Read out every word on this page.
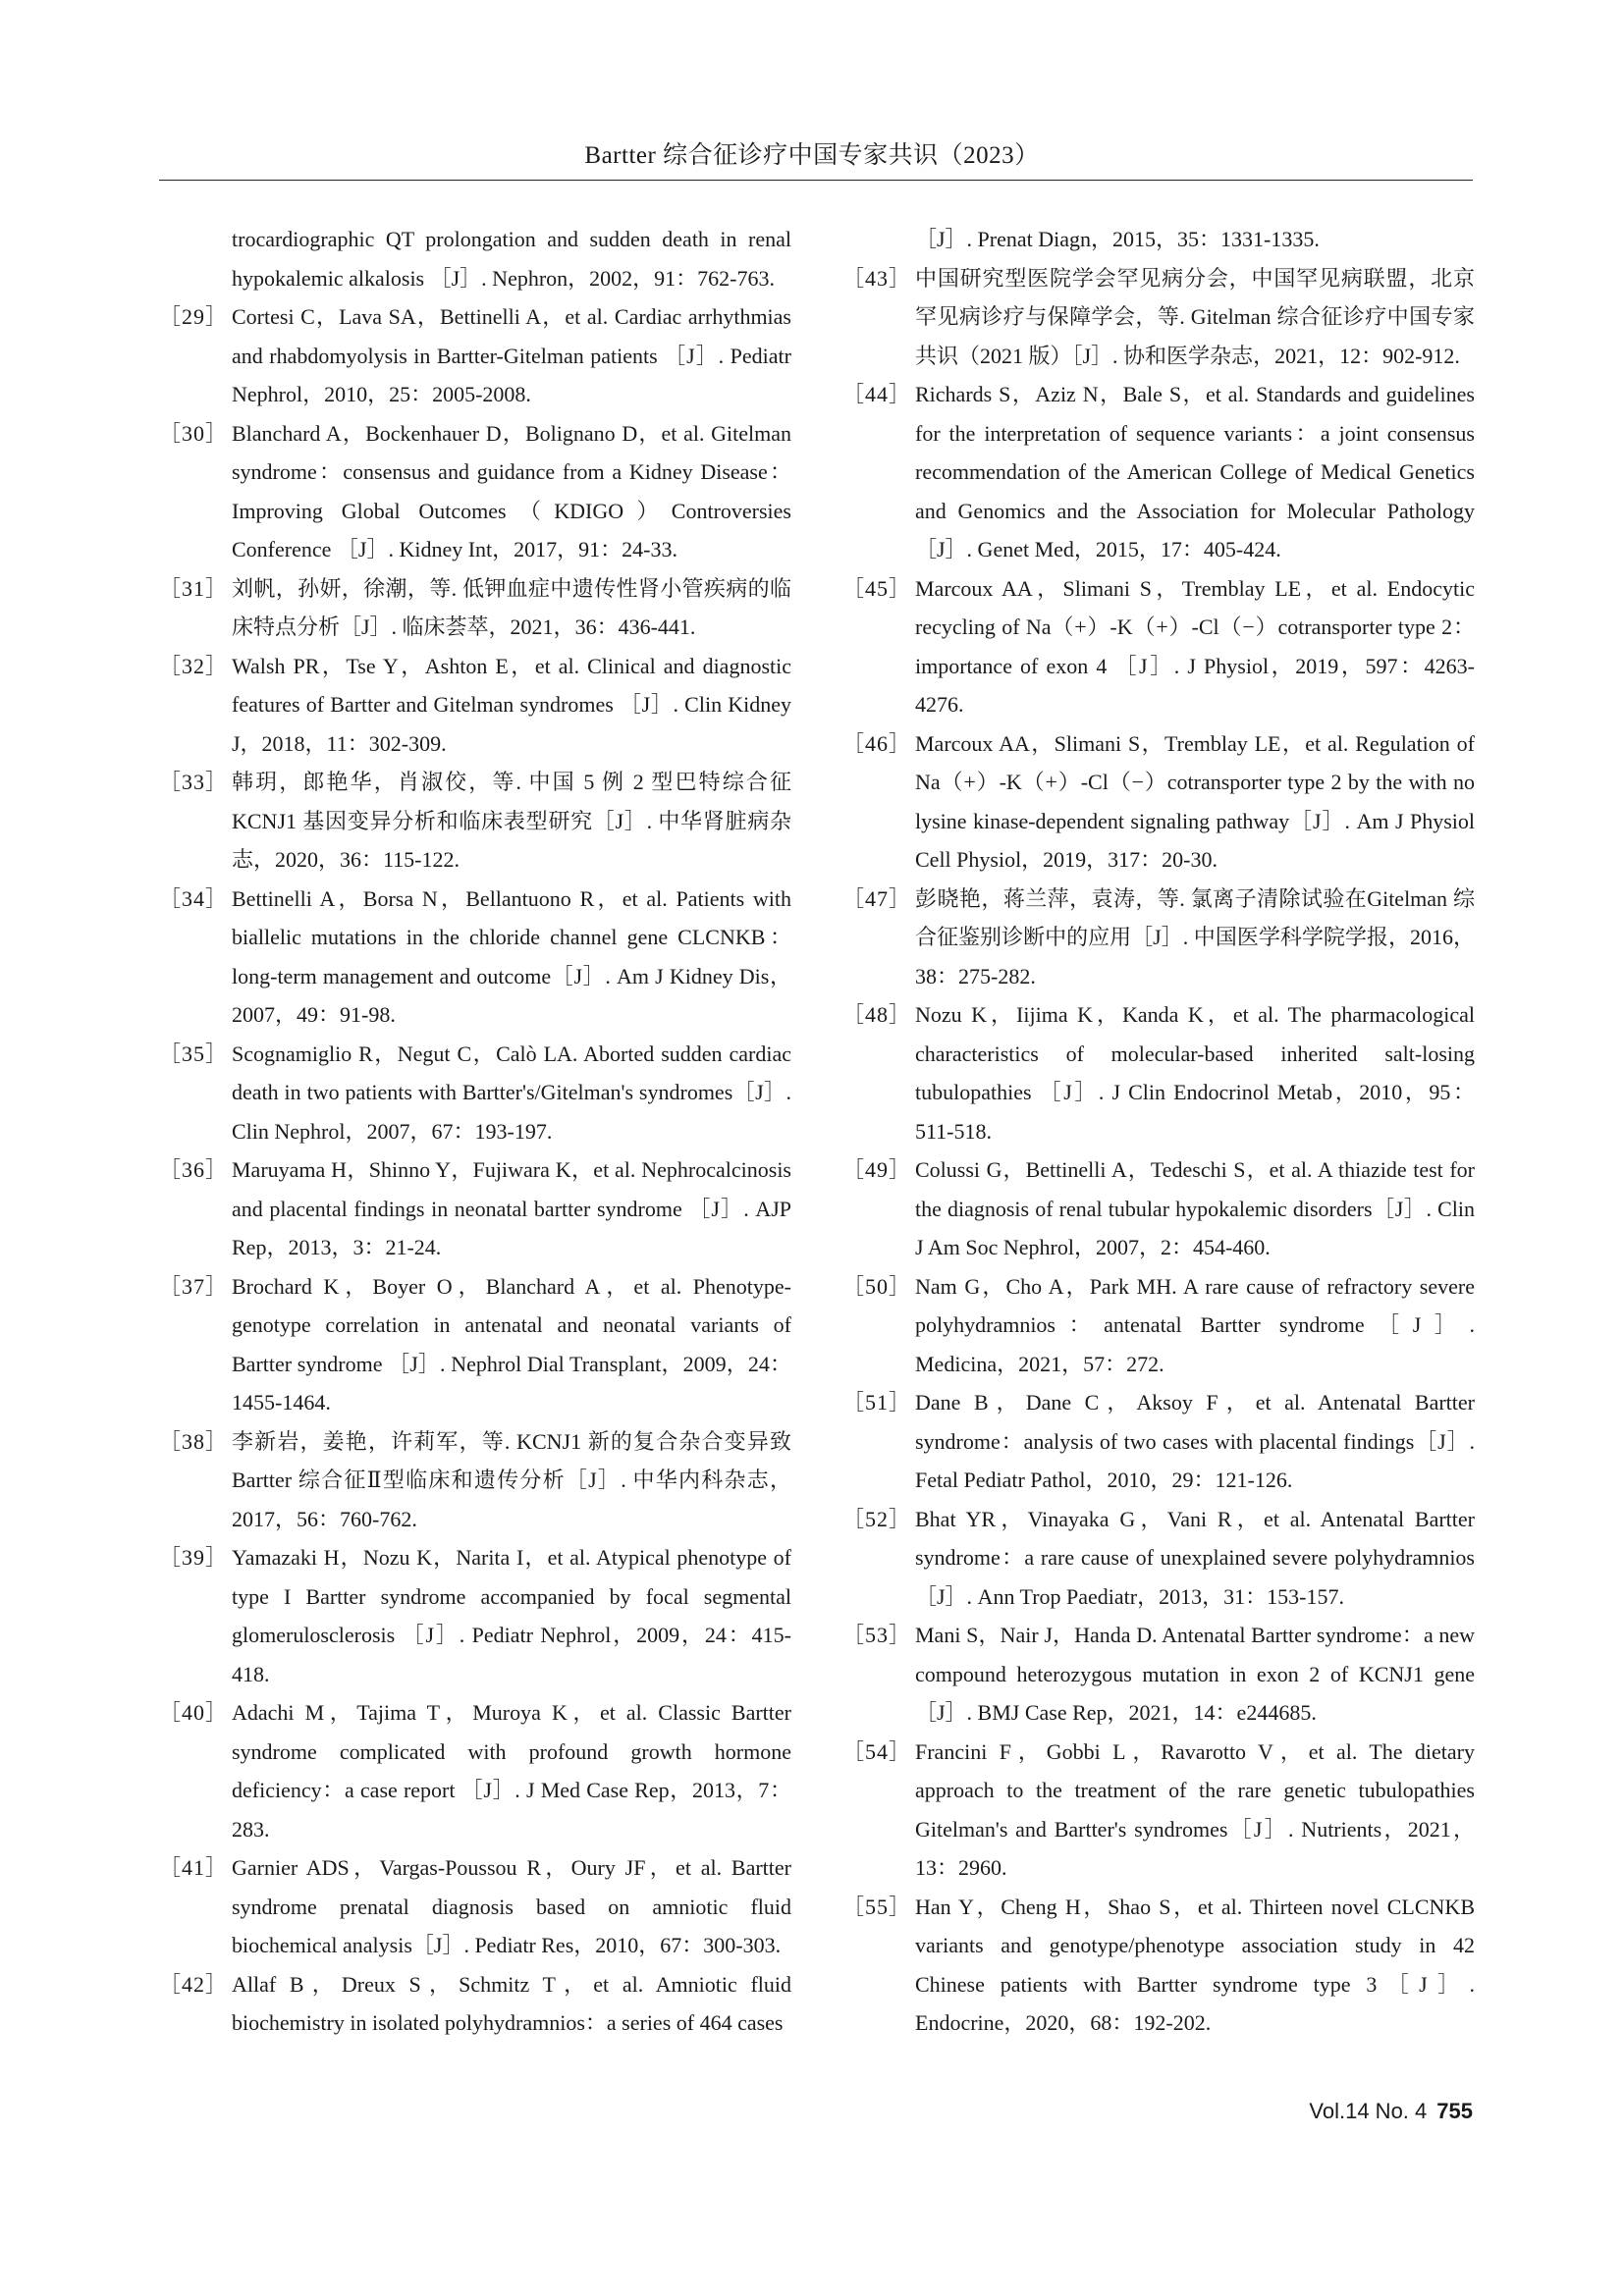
Bartter 综合征诊疗中国专家共识（2023）
trocardiographic QT prolongation and sudden death in renal hypokalemic alkalosis ［J］. Nephron，2002，91：762-763.
［29］ Cortesi C，Lava SA，Bettinelli A，et al. Cardiac arrhythmias and rhabdomyolysis in Bartter-Gitelman patients ［J］. Pediatr Nephrol，2010，25：2005-2008.
［30］ Blanchard A，Bockenhauer D，Bolignano D，et al. Gitelman syndrome：consensus and guidance from a Kidney Disease：Improving Global Outcomes（KDIGO）Controversies Conference ［J］. Kidney Int，2017，91：24-33.
［31］ 刘帆，孙妍，徐潮，等. 低钾血症中遗传性肾小管疾病的临床特点分析［J］. 临床荟萃，2021，36：436-441.
［32］ Walsh PR，Tse Y，Ashton E，et al. Clinical and diagnostic features of Bartter and Gitelman syndromes ［J］. Clin Kidney J，2018，11：302-309.
［33］ 韩玥，郎艳华，肖淑佼，等. 中国 5 例 2 型巴特综合征KCNJ1 基因变异分析和临床表型研究［J］. 中华肾脏病杂志，2020，36：115-122.
［34］ Bettinelli A，Borsa N，Bellantuono R，et al. Patients with biallelic mutations in the chloride channel gene CLCNKB：long-term management and outcome［J］. Am J Kidney Dis，2007，49：91-98.
［35］ Scognamiglio R，Negut C，Calò LA. Aborted sudden cardiac death in two patients with Bartter's/Gitelman's syndromes［J］. Clin Nephrol，2007，67：193-197.
［36］ Maruyama H，Shinno Y，Fujiwara K，et al. Nephrocalcinosis and placental findings in neonatal bartter syndrome ［J］. AJP Rep，2013，3：21-24.
［37］ Brochard K，Boyer O，Blanchard A，et al. Phenotype-genotype correlation in antenatal and neonatal variants of Bartter syndrome ［J］. Nephrol Dial Transplant，2009，24：1455-1464.
［38］ 李新岩，姜艳，许莉军，等. KCNJ1 新的复合杂合变异致 Bartter 综合征Ⅱ型临床和遗传分析［J］. 中华内科杂志，2017，56：760-762.
［39］ Yamazaki H，Nozu K，Narita I，et al. Atypical phenotype of type I Bartter syndrome accompanied by focal segmental glomerulosclerosis ［J］. Pediatr Nephrol，2009，24：415-418.
［40］ Adachi M，Tajima T，Muroya K，et al. Classic Bartter syndrome complicated with profound growth hormone deficiency：a case report ［J］. J Med Case Rep，2013，7：283.
［41］ Garnier ADS，Vargas-Poussou R，Oury JF，et al. Bartter syndrome prenatal diagnosis based on amniotic fluid biochemical analysis［J］. Pediatr Res，2010，67：300-303.
［42］ Allaf B，Dreux S，Schmitz T，et al. Amniotic fluid biochemistry in isolated polyhydramnios：a series of 464 cases
［J］. Prenat Diagn，2015，35：1331-1335.
［43］ 中国研究型医院学会罕见病分会，中国罕见病联盟，北京罕见病诊疗与保障学会，等. Gitelman 综合征诊疗中国专家共识（2021 版）［J］. 协和医学杂志，2021，12：902-912.
［44］ Richards S，Aziz N，Bale S，et al. Standards and guidelines for the interpretation of sequence variants：a joint consensus recommendation of the American College of Medical Genetics and Genomics and the Association for Molecular Pathology［J］. Genet Med，2015，17：405-424.
［45］ Marcoux AA，Slimani S，Tremblay LE，et al. Endocytic recycling of Na（+）-K（+）-Cl（−）cotransporter type 2：importance of exon 4 ［J］. J Physiol，2019，597：4263-4276.
［46］ Marcoux AA，Slimani S，Tremblay LE，et al. Regulation of Na（+）-K（+）-Cl（−）cotransporter type 2 by the with no lysine kinase-dependent signaling pathway［J］. Am J Physiol Cell Physiol，2019，317：20-30.
［47］ 彭晓艳，蒋兰萍，袁涛，等. 氯离子清除试验在Gitelman 综合征鉴别诊断中的应用［J］. 中国医学科学院学报，2016，38：275-282.
［48］ Nozu K，Iijima K，Kanda K，et al. The pharmacological characteristics of molecular-based inherited salt-losing tubulopathies ［J］. J Clin Endocrinol Metab，2010，95：511-518.
［49］ Colussi G，Bettinelli A，Tedeschi S，et al. A thiazide test for the diagnosis of renal tubular hypokalemic disorders［J］. Clin J Am Soc Nephrol，2007，2：454-460.
［50］ Nam G，Cho A，Park MH. A rare cause of refractory severe polyhydramnios：antenatal Bartter syndrome［J］. Medicina，2021，57：272.
［51］ Dane B，Dane C，Aksoy F，et al. Antenatal Bartter syndrome：analysis of two cases with placental findings［J］. Fetal Pediatr Pathol，2010，29：121-126.
［52］ Bhat YR，Vinayaka G，Vani R，et al. Antenatal Bartter syndrome：a rare cause of unexplained severe polyhydramnios［J］. Ann Trop Paediatr，2013，31：153-157.
［53］ Mani S，Nair J，Handa D. Antenatal Bartter syndrome：a new compound heterozygous mutation in exon 2 of KCNJ1 gene［J］. BMJ Case Rep，2021，14：e244685.
［54］ Francini F，Gobbi L，Ravarotto V，et al. The dietary approach to the treatment of the rare genetic tubulopathies Gitelman's and Bartter's syndromes［J］. Nutrients，2021，13：2960.
［55］ Han Y，Cheng H，Shao S，et al. Thirteen novel CLCNKB variants and genotype/phenotype association study in 42 Chinese patients with Bartter syndrome type 3［J］. Endocrine，2020，68：192-202.
Vol.14 No. 4 755
